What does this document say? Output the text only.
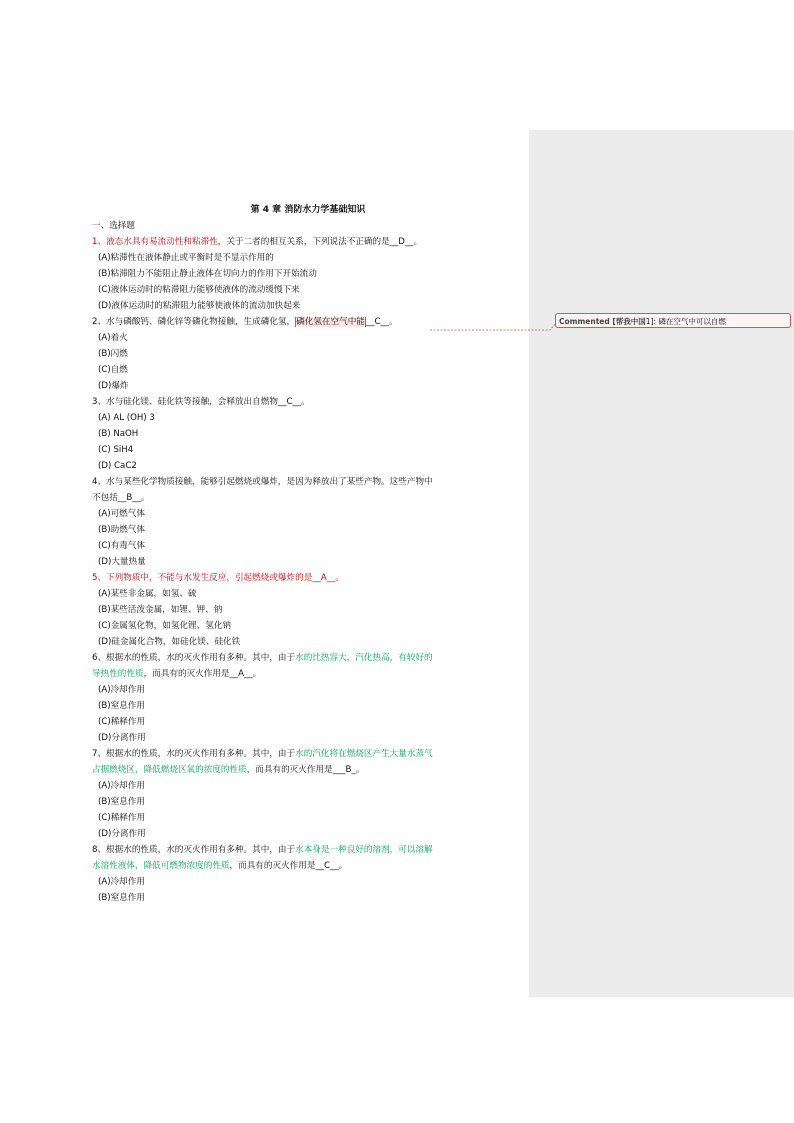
Commented [帮我中国1]: 磷在空气中可以自燃
第 4 章 消防水力学基础知识
一、选择题
1、液态水具有易流动性和粘滞性，关于二者的相互关系，下列说法不正确的是__D__。
(A)粘滞性在液体静止或平衡时是不显示作用的
(B)粘滞阻力不能阻止静止液体在切向力的作用下开始流动
(C)液体运动时的粘滞阻力能够使液体的流动缓慢下来
(D)液体运动时的粘滞阻力能够使液体的流动加快起来
2、水与磷酸钙、磷化锌等磷化物接触，生成磷化氢，磷化氢在空气中能__C__。
(A)着火
(B)闪燃
(C)自燃
(D)爆炸
3、水与硅化镁、硅化铁等接触，会释放出自燃物__C__。
(A) AL (OH) 3
(B) NaOH
(C) SiH4
(D) CaC2
4、水与某些化学物质接触，能够引起燃烧或爆炸，是因为释放出了某些产物。这些产物中
不包括__B__。
(A)可燃气体
(B)助燃气体
(C)有毒气体
(D)大量热量
5、下列物质中，不能与水发生反应，引起燃烧或爆炸的是__A__。
(A)某些非金属，如氢、硫
(B)某些活泼金属，如锂、钾、钠
(C)金属氢化物，如氢化锂、氢化钠
(D)硅金属化合物，如硅化镁、硅化铁
6、根据水的性质，水的灭火作用有多种。其中，由于水的比热容大，汽化热高，有较好的
导热性的性质，而具有的灭火作用是__A__。
(A)冷却作用
(B)窒息作用
(C)稀释作用
(D)分离作用
7、根据水的性质，水的灭火作用有多种。其中，由于水的汽化将在燃烧区产生大量水蒸气
占据燃烧区，降低燃烧区氧的浓度的性质，而具有的灭火作用是___B_。
(A)冷却作用
(B)窒息作用
(C)稀释作用
(D)分离作用
8、根据水的性质，水的灭火作用有多种。其中，由于水本身是一种良好的溶剂，可以溶解
水溶性液体，降低可燃物浓度的性质，而具有的灭火作用是__C__。
(A)冷却作用
(B)窒息作用
